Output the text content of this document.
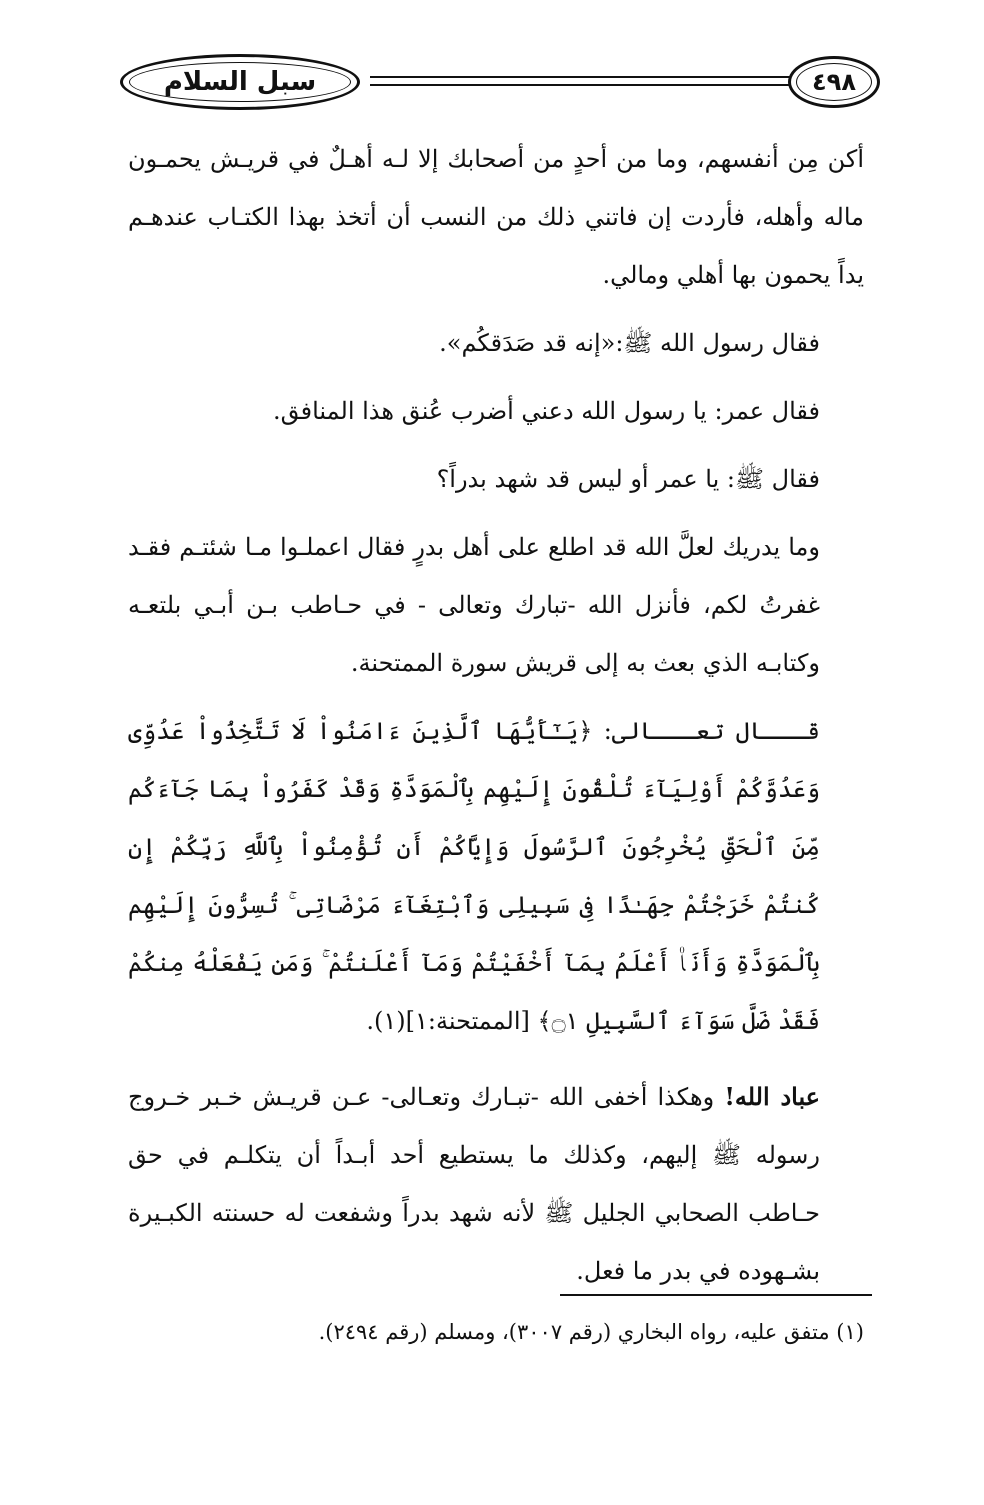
سبل السلام	٤٩٨

أكن مِن أنفسهم، وما من أحدٍ من أصحابك إلا لـه أهـلٌ في قريـش يحمـون ماله وأهله، فأردت إن فاتني ذلك من النسب أن أتخذ بهذا الكتـاب عندهـم يداً يحمون بها أهلي ومالي.

فقال رسول الله ﷺ:«إنه قد صَدَقكُم».

فقال عمر: يا رسول الله دعني أضرب عُنق هذا المنافق.

فقال ﷺ: يا عمر أو ليس قد شهد بدراً؟

وما يدريك لعلَّ الله قد اطلع على أهل بدرٍ فقال اعملـوا مـا شئتـم فقـد غفرتُ لكم، فأنزل الله -تبارك وتعالى - في حـاطب بـن أبـي بلتعـه وكتابـه الذي بعث به إلى قريش سورة الممتحنة.

قـــال تعـــالى: ﴿يَـٰٓأَيُّهَا ٱلَّذِينَ ءَامَنُواْ لَا تَتَّخِذُواْ عَدُوِّى وَعَدُوَّكُمْ أَوْلِيَآءَ تُلْقُونَ إِلَيْهِم بِٱلْمَوَدَّةِ وَقَدْ كَفَرُواْ بِمَا جَآءَكُم مِّنَ ٱلْحَقِّ يُخْرِجُونَ ٱلرَّسُولَ وَإِيَّاكُمْ أَن تُؤْمِنُواْ بِٱللَّهِ رَبِّكُمْ إِن كُنتُمْ خَرَجْتُمْ جِهَـٰدًا فِى سَبِيلِى وَٱبْتِغَآءَ مَرْضَاتِى ۚ تُسِرُّونَ إِلَيْهِم بِٱلْمَوَدَّةِ وَأَنَا۠ أَعْلَمُ بِمَآ أَخْفَيْتُمْ وَمَآ أَعْلَنتُمْ ۚ وَمَن يَفْعَلْهُ مِنكُمْ فَقَدْ ضَلَّ سَوَآءَ ٱلسَّبِيلِ ۝١﴾ [الممتحنة:١](١).

عباد الله! وهكذا أخفى الله -تبـارك وتعـالى- عـن قريـش خـبر خـروج رسوله ﷺ إليهم، وكذلك ما يستطيع أحد أبـداً أن يتكلـم في حق حـاطب الصحابي الجليل ﷺ لأنه شهد بدراً وشفعت له حسنته الكبـيرة بشـهوده في بدر ما فعل.

(١) متفق عليه، رواه البخاري (رقم ٣٠٠٧)، ومسلم (رقم ٢٤٩٤).
